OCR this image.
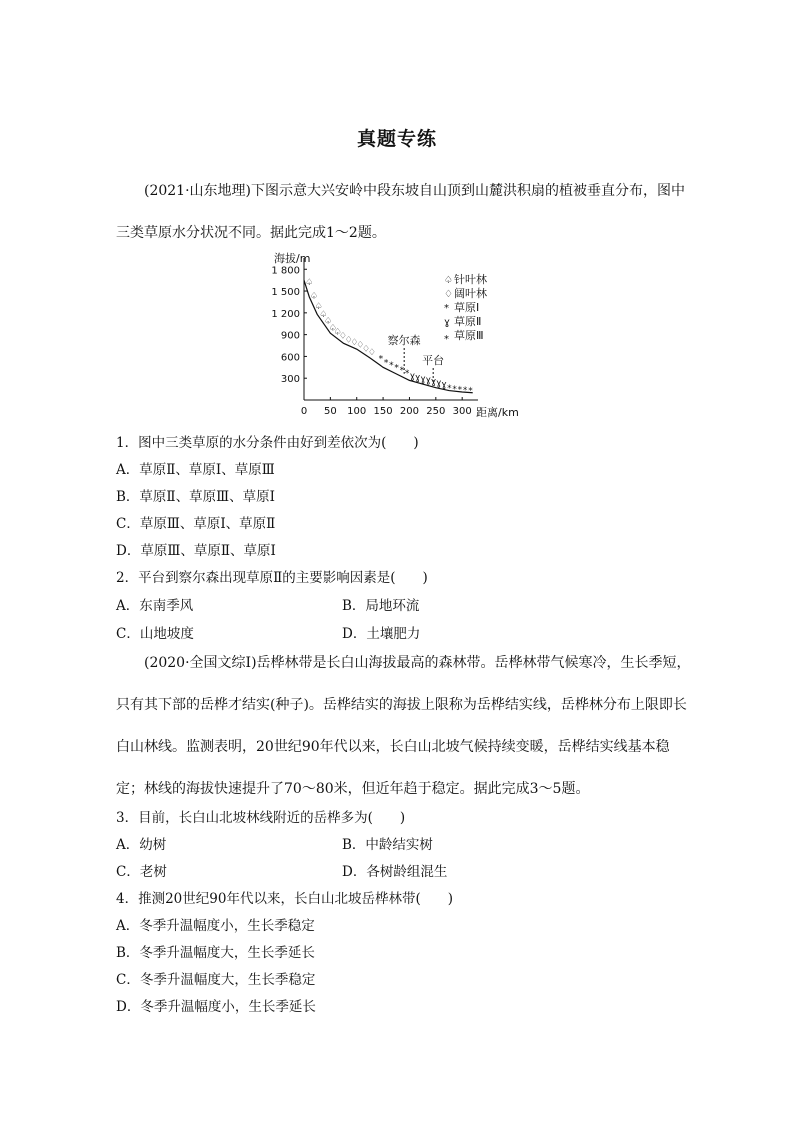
真题专练

(2021·山东地理)下图示意大兴安岭中段东坡自山顶到山麓洪积扇的植被垂直分布，图中三类草原水分状况不同。据此完成1～2题。

1 800
1 500
1 200
900
600
300
0 50 100 150 200 250 300
海拔/m
距离/km
♤
♤
♤
♤
♤
♤
♤
♢
♢
♢
♢
♢
♢
* * * * * * ɣ ɣ ɣ ɣ ɣ ɣ ɣ ⁎ ⁎ ⁎ ⁎ ⁎
察尔森
平台
♤ 针叶林
♢ 阔叶林
* 草原Ⅰ
ɣ 草原Ⅱ
⁎ 草原Ⅲ
1．图中三类草原的水分条件由好到差依次为(　　)
A．草原Ⅱ、草原Ⅰ、草原Ⅲ
B．草原Ⅱ、草原Ⅲ、草原Ⅰ
C．草原Ⅲ、草原Ⅰ、草原Ⅱ
D．草原Ⅲ、草原Ⅱ、草原Ⅰ
2．平台到察尔森出现草原Ⅱ的主要影响因素是(　　)
A．东南季风	B．局地环流
C．山地坡度	D．土壤肥力

(2020·全国文综Ⅰ)岳桦林带是长白山海拔最高的森林带。岳桦林带气候寒冷，生长季短，只有其下部的岳桦才结实(种子)。岳桦结实的海拔上限称为岳桦结实线，岳桦林分布上限即长白山林线。监测表明，20世纪90年代以来，长白山北坡气候持续变暖，岳桦结实线基本稳定；林线的海拔快速提升了70～80米，但近年趋于稳定。据此完成3～5题。

3．目前，长白山北坡林线附近的岳桦多为(　　)
A．幼树	B．中龄结实树
C．老树	D．各树龄组混生
4．推测20世纪90年代以来，长白山北坡岳桦林带(　　)
A．冬季升温幅度小，生长季稳定
B．冬季升温幅度大，生长季延长
C．冬季升温幅度大，生长季稳定
D．冬季升温幅度小，生长季延长
